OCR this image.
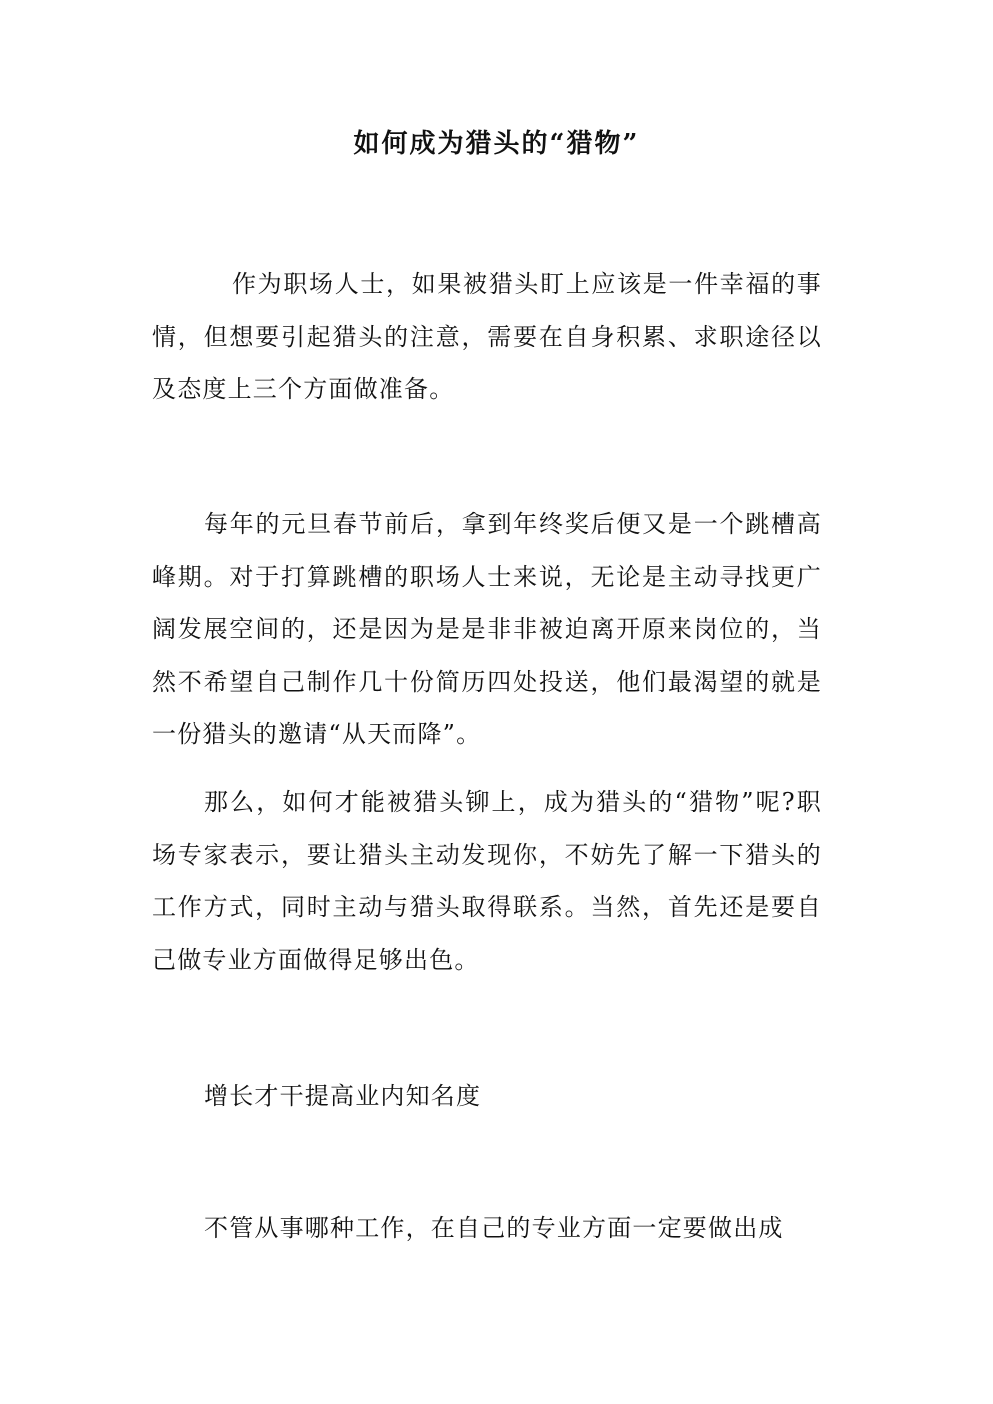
如何成为猎头的“猎物”

作为职场人士，如果被猎头盯上应该是一件幸福的事情，但想要引起猎头的注意，需要在自身积累、求职途径以及态度上三个方面做准备。

每年的元旦春节前后，拿到年终奖后便又是一个跳槽高峰期。对于打算跳槽的职场人士来说，无论是主动寻找更广阔发展空间的，还是因为是是非非被迫离开原来岗位的，当然不希望自己制作几十份简历四处投送，他们最渴望的就是一份猎头的邀请“从天而降”。

那么，如何才能被猎头铆上，成为猎头的“猎物”呢?职场专家表示，要让猎头主动发现你，不妨先了解一下猎头的工作方式，同时主动与猎头取得联系。当然，首先还是要自己做专业方面做得足够出色。

增长才干提高业内知名度

不管从事哪种工作，在自己的专业方面一定要做出成
